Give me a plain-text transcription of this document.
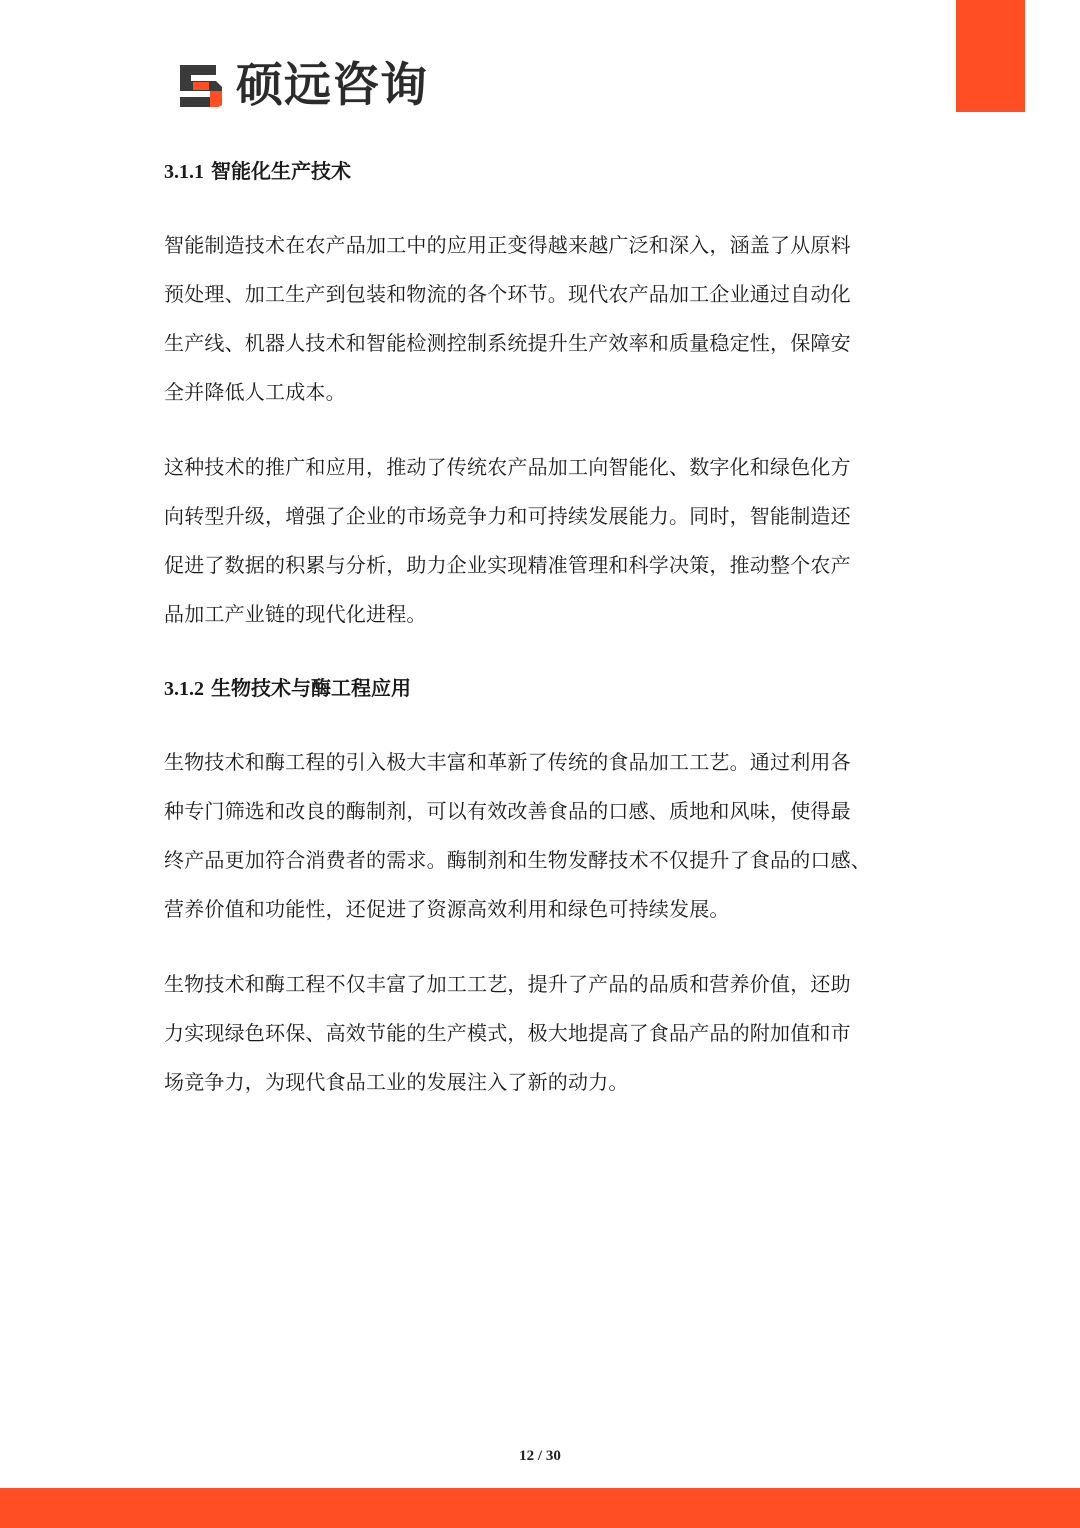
硕远咨询
3.1.1 智能化生产技术
智能制造技术在农产品加工中的应用正变得越来越广泛和深入，涵盖了从原料
预处理、加工生产到包装和物流的各个环节。现代农产品加工企业通过自动化
生产线、机器人技术和智能检测控制系统提升生产效率和质量稳定性，保障安
全并降低人工成本。
这种技术的推广和应用，推动了传统农产品加工向智能化、数字化和绿色化方
向转型升级，增强了企业的市场竞争力和可持续发展能力。同时，智能制造还
促进了数据的积累与分析，助力企业实现精准管理和科学决策，推动整个农产
品加工产业链的现代化进程。
3.1.2 生物技术与酶工程应用
生物技术和酶工程的引入极大丰富和革新了传统的食品加工工艺。通过利用各
种专门筛选和改良的酶制剂，可以有效改善食品的口感、质地和风味，使得最
终产品更加符合消费者的需求。酶制剂和生物发酵技术不仅提升了食品的口感、
营养价值和功能性，还促进了资源高效利用和绿色可持续发展。
生物技术和酶工程不仅丰富了加工工艺，提升了产品的品质和营养价值，还助
力实现绿色环保、高效节能的生产模式，极大地提高了食品产品的附加值和市
场竞争力，为现代食品工业的发展注入了新的动力。
12 / 30
